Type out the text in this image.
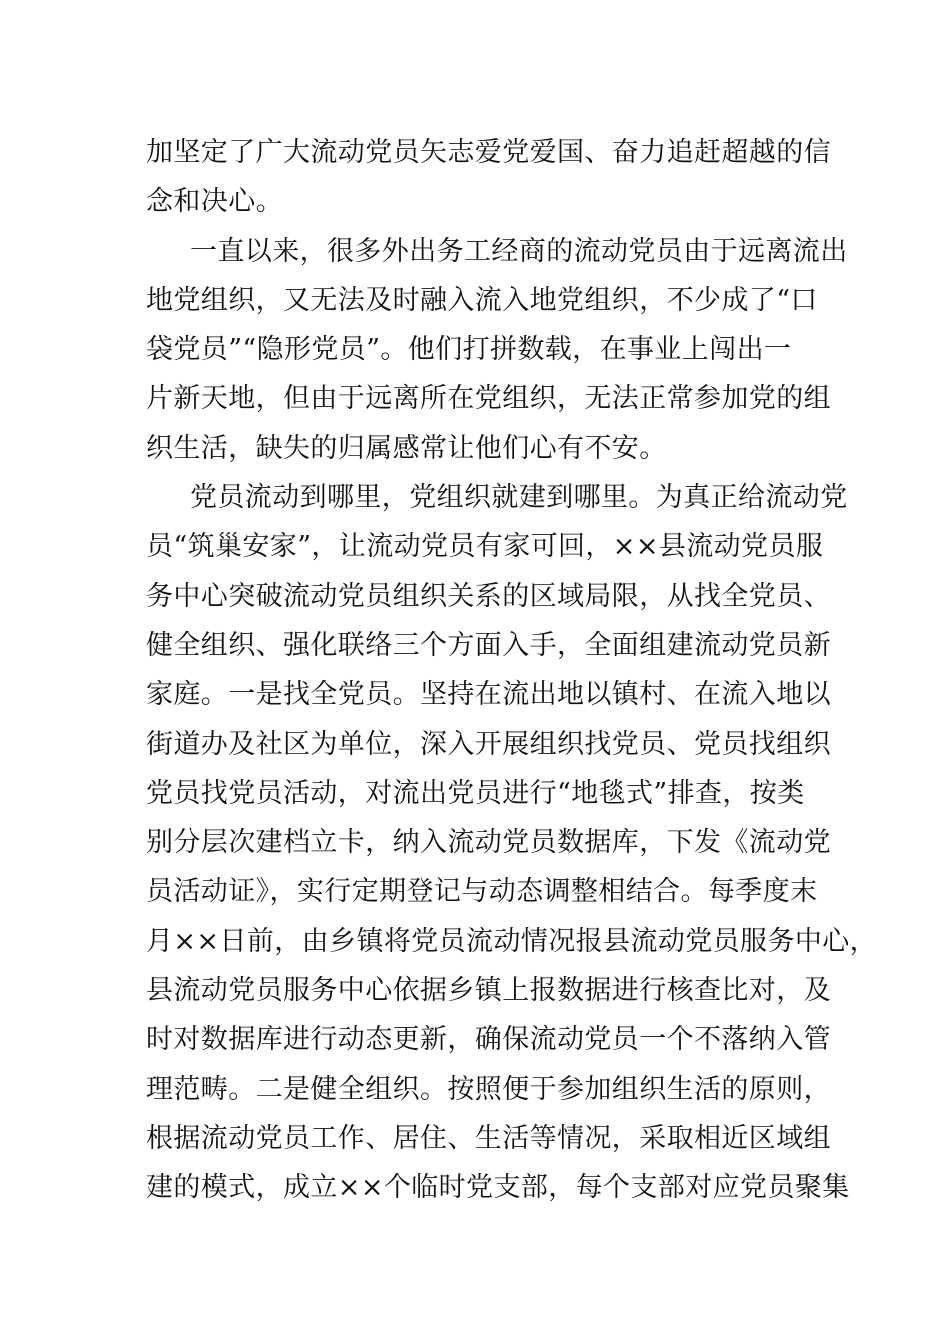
加坚定了广大流动党员矢志爱党爱国、奋力追赶超越的信
念和决心。
一直以来，很多外出务工经商的流动党员由于远离流出
地党组织，又无法及时融入流入地党组织，不少成了“口
袋党员”“隐形党员”。他们打拼数载，在事业上闯出一
片新天地，但由于远离所在党组织，无法正常参加党的组
织生活，缺失的归属感常让他们心有不安。
党员流动到哪里，党组织就建到哪里。为真正给流动党
员“筑巢安家”，让流动党员有家可回，××县流动党员服
务中心突破流动党员组织关系的区域局限，从找全党员、
健全组织、强化联络三个方面入手，全面组建流动党员新
家庭。一是找全党员。坚持在流出地以镇村、在流入地以
街道办及社区为单位，深入开展组织找党员、党员找组织
党员找党员活动，对流出党员进行“地毯式”排查，按类
别分层次建档立卡，纳入流动党员数据库，下发《流动党
员活动证》，实行定期登记与动态调整相结合。每季度末
月××日前，由乡镇将党员流动情况报县流动党员服务中心，
县流动党员服务中心依据乡镇上报数据进行核查比对，及
时对数据库进行动态更新，确保流动党员一个不落纳入管
理范畴。二是健全组织。按照便于参加组织生活的原则，
根据流动党员工作、居住、生活等情况，采取相近区域组
建的模式，成立××个临时党支部，每个支部对应党员聚集
